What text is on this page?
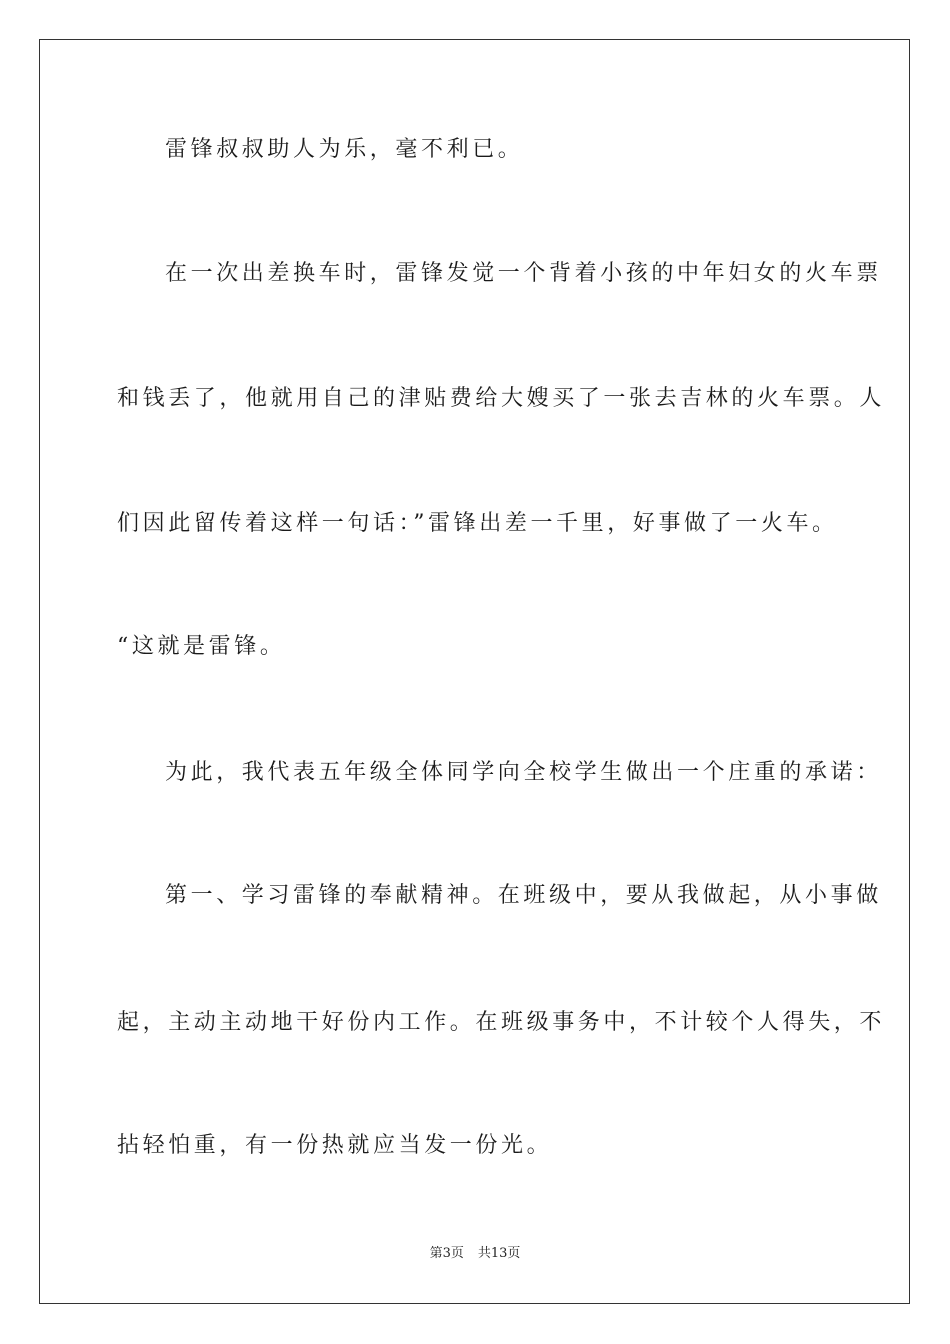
雷锋叔叔助人为乐，毫不利已。
在一次出差换车时，雷锋发觉一个背着小孩的中年妇女的火车票
和钱丢了，他就用自己的津贴费给大嫂买了一张去吉林的火车票。人
们因此留传着这样一句话：”雷锋出差一千里，好事做了一火车。
“这就是雷锋。
为此，我代表五年级全体同学向全校学生做出一个庄重的承诺：
第一、学习雷锋的奉献精神。在班级中，要从我做起，从小事做
起，主动主动地干好份内工作。在班级事务中，不计较个人得失，不
拈轻怕重，有一份热就应当发一份光。
第3页 共13页
